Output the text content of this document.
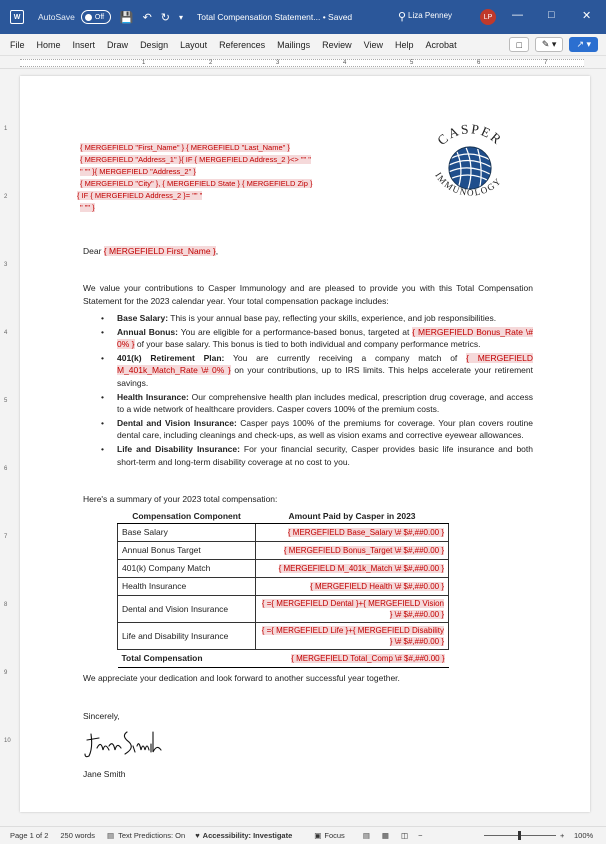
W	AutoSave	Off 💾 ↶ ↻ ▾ Total Compensation Statement... • Saved	⚲ Liza Penney	LP	— □ ✕
File Home Insert Draw Design Layout References Mailings Review View Help Acrobat	□ ✎ ▾ ↗ ▾
1	2	3	4	5	6	7
1
2
3
4
5
6
7
8
9
10
{ MERGEFIELD "First_Name" } { MERGEFIELD "Last_Name" }
{ MERGEFIELD "Address_1" }{ IF { MERGEFIELD Address_2 }<> "" "
" "" }{ MERGEFIELD "Address_2" }
{ MERGEFIELD "City" }, { MERGEFIELD State } { MERGEFIELD Zip }
{ IF { MERGEFIELD Address_2 }= "" "
" "" }
CASPER
IMMUNOLOGY
Dear { MERGEFIELD First_Name },
We value your contributions to Casper Immunology and are pleased to provide you with this Total Compensation Statement for the 2023 calendar year. Your total compensation package includes:
• Base Salary: This is your annual base pay, reflecting your skills, experience, and job responsibilities.
• Annual Bonus: You are eligible for a performance-based bonus, targeted at { MERGEFIELD Bonus_Rate \# 0% } of your base salary. This bonus is tied to both individual and company performance metrics.
• 401(k) Retirement Plan: You are currently receiving a company match of { MERGEFIELD M_401k_Match_Rate \# 0% } on your contributions, up to IRS limits. This helps accelerate your retirement savings.
• Health Insurance: Our comprehensive health plan includes medical, prescription drug coverage, and access to a wide network of healthcare providers. Casper covers 100% of the premium costs.
• Dental and Vision Insurance: Casper pays 100% of the premiums for coverage. Your plan covers routine dental care, including cleanings and check-ups, as well as vision exams and corrective eyewear allowances.
• Life and Disability Insurance: For your financial security, Casper provides basic life insurance and both short-term and long-term disability coverage at no cost to you.
Here's a summary of your 2023 total compensation:
Compensation Component	Amount Paid by Casper in 2023
Base Salary	{ MERGEFIELD Base_Salary \# $#,##0.00 }
Annual Bonus Target	{ MERGEFIELD Bonus_Target \# $#,##0.00 }
401(k) Company Match	{ MERGEFIELD M_401k_Match \# $#,##0.00 }
Health Insurance	{ MERGEFIELD Health \# $#,##0.00 }
Dental and Vision Insurance	{ ={ MERGEFIELD Dental }+{ MERGEFIELD Vision } \# $#,##0.00 }
Life and Disability Insurance	{ ={ MERGEFIELD Life }+{ MERGEFIELD Disability } \# $#,##0.00 }
Total Compensation	{ MERGEFIELD Total_Comp \# $#,##0.00 }
We appreciate your dedication and look forward to another successful year together.
Sincerely,
Jane Smith
Page 1 of 2 250 words ▤ Text Predictions: On ♥ Accessibility: Investigate	▣ Focus ▤ ▦ ◫ −	+ 100%
